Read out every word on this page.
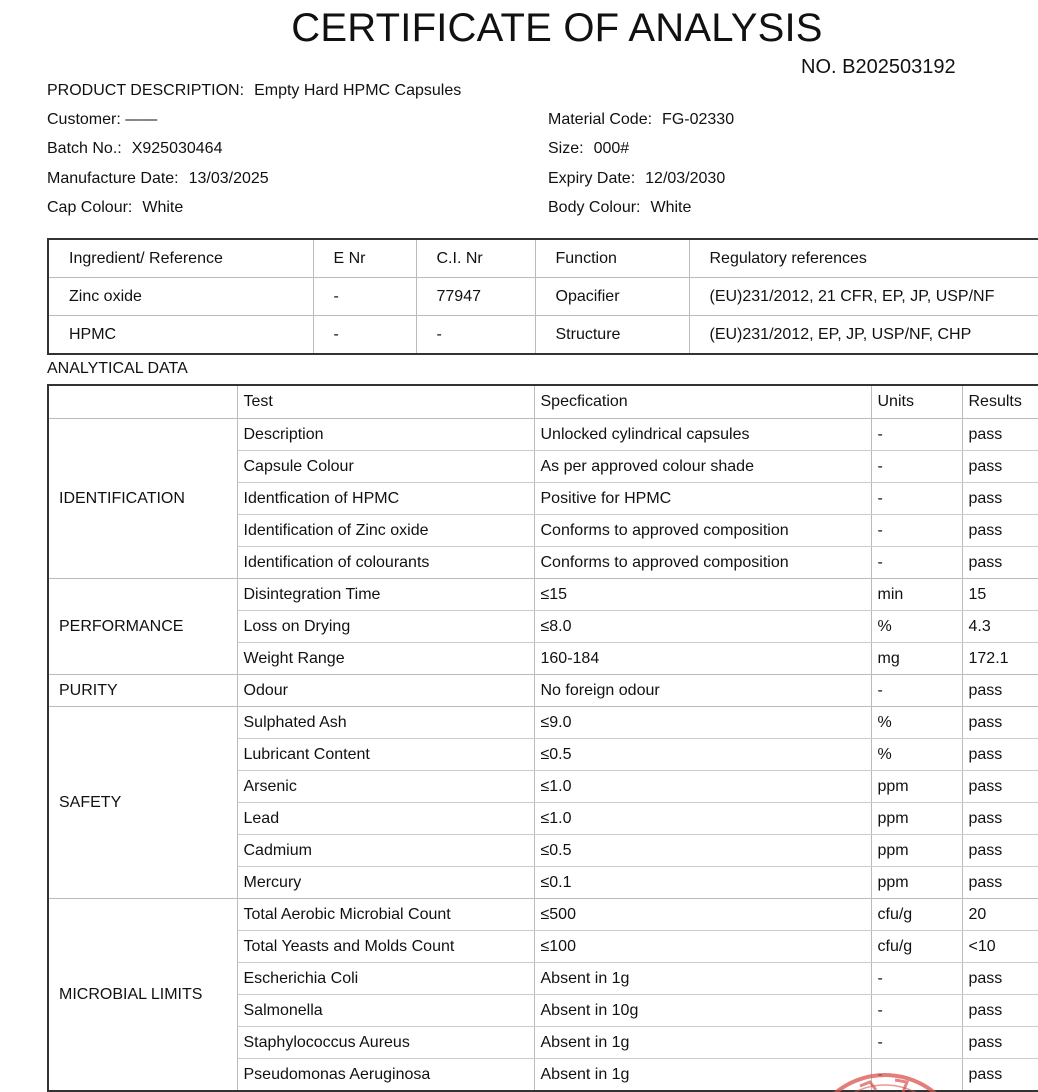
CERTIFICATE OF ANALYSIS
NO. B202503192
PRODUCT DESCRIPTION: Empty Hard HPMC Capsules
Customer: ——
Batch No.: X925030464
Manufacture Date: 13/03/2025
Cap Colour: White
Material Code: FG-02330
Size: 000#
Expiry Date: 12/03/2030
Body Colour: White
Ingredient/ Reference	E Nr	C.I. Nr	Function	Regulatory references
Zinc oxide	-	77947	Opacifier	(EU)231/2012, 21 CFR, EP, JP, USP/NF
HPMC	-	-	Structure	(EU)231/2012, EP, JP, USP/NF, CHP
ANALYTICAL DATA
	Test	Specfication	Units	Results
IDENTIFICATION	Description	Unlocked cylindrical capsules	-	pass
	Capsule Colour	As per approved colour shade	-	pass
	Identfication of HPMC	Positive for HPMC	-	pass
	Identification of Zinc oxide	Conforms to approved composition	-	pass
	Identification of colourants	Conforms to approved composition	-	pass
PERFORMANCE	Disintegration Time	≤15	min	15
	Loss on Drying	≤8.0	%	4.3
	Weight Range	160-184	mg	172.1
PURITY	Odour	No foreign odour	-	pass
SAFETY	Sulphated Ash	≤9.0	%	pass
	Lubricant Content	≤0.5	%	pass
	Arsenic	≤1.0	ppm	pass
	Lead	≤1.0	ppm	pass
	Cadmium	≤0.5	ppm	pass
	Mercury	≤0.1	ppm	pass
MICROBIAL LIMITS	Total Aerobic Microbial Count	≤500	cfu/g	20
	Total Yeasts and Molds Count	≤100	cfu/g	<10
	Escherichia Coli	Absent in 1g	-	pass
	Salmonella	Absent in 10g	-	pass
	Staphylococcus Aureus	Absent in 1g	-	pass
	Pseudomonas Aeruginosa	Absent in 1g	-	pass
